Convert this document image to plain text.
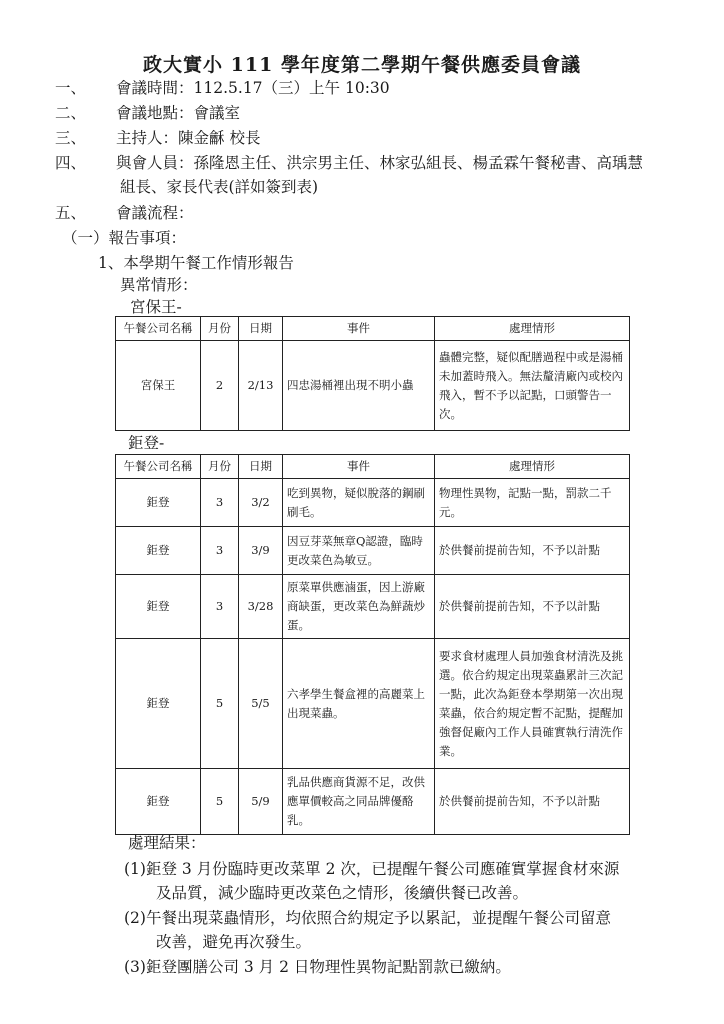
政大實小 111 學年度第二學期午餐供應委員會議
一、 會議時間：112.5.17（三）上午 10:30
二、 會議地點：會議室
三、 主持人：陳金龢 校長
四、 與會人員：孫隆恩主任、洪宗男主任、林家弘組長、楊孟霖午餐秘書、高瑀慧
組長、家長代表(詳如簽到表)
五、 會議流程：
（一）報告事項：
1、本學期午餐工作情形報告
異常情形：
宮保王-
午餐公司名稱	月份	日期	事件	處理情形
宮保王	2	2/13	四忠湯桶裡出現不明小蟲	蟲體完整，疑似配膳過程中或是湯桶未加蓋時飛入。無法釐清廠內或校內飛入，暫不予以記點，口頭警告一次。
鉅登-
午餐公司名稱	月份	日期	事件	處理情形
鉅登	3	3/2	吃到異物，疑似脫落的鋼刷刷毛。	物理性異物，記點一點，罰款二千元。
鉅登	3	3/9	因豆芽菜無章Q認證，臨時更改菜色為敏豆。	於供餐前提前告知，不予以計點
鉅登	3	3/28	原菜單供應滷蛋，因上游廠商缺蛋，更改菜色為鮮蔬炒蛋。	於供餐前提前告知，不予以計點
鉅登	5	5/5	六孝學生餐盒裡的高麗菜上出現菜蟲。	要求食材處理人員加強食材清洗及挑選。依合約規定出現菜蟲累計三次記一點，此次為鉅登本學期第一次出現菜蟲，依合約規定暫不記點，提醒加強督促廠內工作人員確實執行清洗作業。
鉅登	5	5/9	乳品供應商貨源不足，改供應單價較高之同品牌優酪乳。	於供餐前提前告知，不予以計點
處理結果：
(1)鉅登 3 月份臨時更改菜單 2 次，已提醒午餐公司應確實掌握食材來源
及品質，減少臨時更改菜色之情形，後續供餐已改善。
(2)午餐出現菜蟲情形，均依照合約規定予以累記，並提醒午餐公司留意
改善，避免再次發生。
(3)鉅登團膳公司 3 月 2 日物理性異物記點罰款已繳納。
